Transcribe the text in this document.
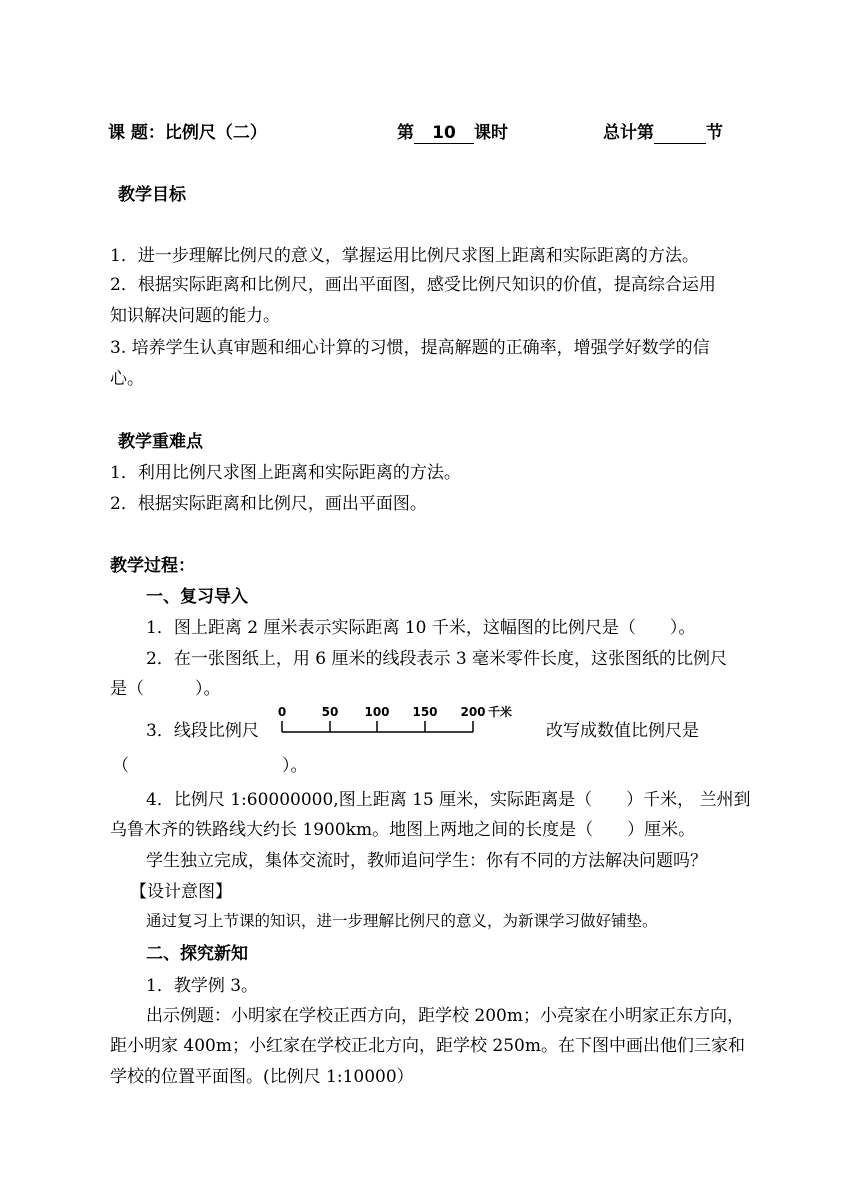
课 题：比例尺（二）	第 10 课时	总计第	节
教学目标
1．进一步理解比例尺的意义，掌握运用比例尺求图上距离和实际距离的方法。
2．根据实际距离和比例尺，画出平面图，感受比例尺知识的价值，提高综合运用
知识解决问题的能力。
3. 培养学生认真审题和细心计算的习惯，提高解题的正确率，增强学好数学的信
心。
教学重难点
1．利用比例尺求图上距离和实际距离的方法。
2．根据实际距离和比例尺，画出平面图。
教学过程：
一、复习导入
1．图上距离 2 厘米表示实际距离 10 千米，这幅图的比例尺是（　　）。
2．在一张图纸上，用 6 厘米的线段表示 3 毫米零件长度，这张图纸的比例尺
是（　　　）。
3．线段比例尺
0	50 100 150 200 千米
改写成数值比例尺是
（　　　　　　　　　）。
4．比例尺 1:60000000,图上距离 15 厘米，实际距离是（　　）千米， 兰州到
乌鲁木齐的铁路线大约长 1900km。地图上两地之间的长度是（　　）厘米。
学生独立完成，集体交流时，教师追问学生：你有不同的方法解决问题吗？
【设计意图】
通过复习上节课的知识，进一步理解比例尺的意义，为新课学习做好铺垫。
二、探究新知
1．教学例 3。
出示例题：小明家在学校正西方向，距学校 200m；小亮家在小明家正东方向，
距小明家 400m；小红家在学校正北方向，距学校 250m。在下图中画出他们三家和
学校的位置平面图。(比例尺 1:10000）
